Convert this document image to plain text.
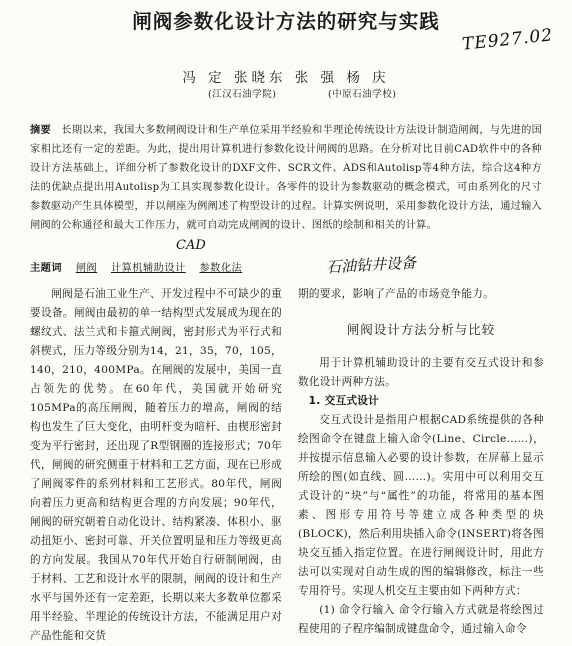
闸阀参数化设计方法的研究与实践
TE927.02
冯 定 张晓东 张 强 杨 庆
(江汉石油学院)	(中原石油学校)
摘要 长期以来，我国大多数闸阀设计和生产单位采用半经验和半理论传统设计方法设计制造闸阀，与先进的国家相比还有一定的差距。为此，提出用计算机进行参数化设计闸阀的思路。在分析对比目前CAD软件中的各种设计方法基础上，详细分析了参数化设计的DXF文件、SCR文件、ADS和Autolisp等4种方法，综合这4种方法的优缺点提出用Autolisp为工具实现参数化设计。各零件的设计为参数驱动的概念模式，可由系列化的尺寸参数驱动产生具体模型，并以闸座为例阐述了构型设计的过程。计算实例说明，采用参数化设计方法，通过输入闸阀的公称通径和最大工作压力，就可自动完成闸阀的设计、图纸的绘制和相关的计算。
CAD
主题词 闸阀 计算机辅助设计 参数化法	石油钻井设备

闸阀是石油工业生产、开发过程中不可缺少的重要设备。闸阀由最初的单一结构型式发展成为现在的螺纹式、法兰式和卡箍式闸阀，密封形式为平行式和斜楔式，压力等级分别为14，21，35，70，105，140，210，400MPa。在闸阀的发展中，美国一直占领先的优势。在60年代，美国就开始研究105MPa的高压闸阀，随着压力的增高，闸阀的结构也发生了巨大变化，由明杆变为暗杆、由楔形密封变为平行密封，还出现了R型钢圈的连接形式；70年代，闸阀的研究侧重于材料和工艺方面，现在已形成了闸阀零件的系列材料和工艺形式。80年代，闸阀向着压力更高和结构更合理的方向发展；90年代，闸阀的研究朝着自动化设计、结构紧凑、体积小、驱动扭矩小、密封可靠、开关位置明显和压力等级更高的方向发展。我国从70年代开始自行研制闸阀，由于材料、工艺和设计水平的限制，闸阀的设计和生产水平与国外还有一定差距，长期以来大多数单位都采用半经验、半理论的传统设计方法，不能满足用户对产品性能和交货

期的要求，影响了产品的市场竞争能力。

闸阀设计方法分析与比较

用于计算机辅助设计的主要有交互式设计和参数化设计两种方法。

1. 交互式设计

交互式设计是指用户根据CAD系统提供的各种绘图命令在键盘上输入命令(Line、Circle……)，并按提示信息输入必要的设计参数，在屏幕上显示所绘的图(如直线、圆……)。实用中可以利用交互式设计的“块”与“属性”的功能，将常用的基本图素、图形专用符号等建立成各种类型的块(BLOCK)，然后利用块插入命令(INSERT)将各图块交互插入指定位置。在进行闸阀设计时，用此方法可以实现对自动生成的图的编辑修改，标注一些专用符号。实现人机交互主要由如下两种方式：

(1) 命令行输入 命令行输入方式就是将绘图过程使用的子程序编制成键盘命令，通过输入命令
